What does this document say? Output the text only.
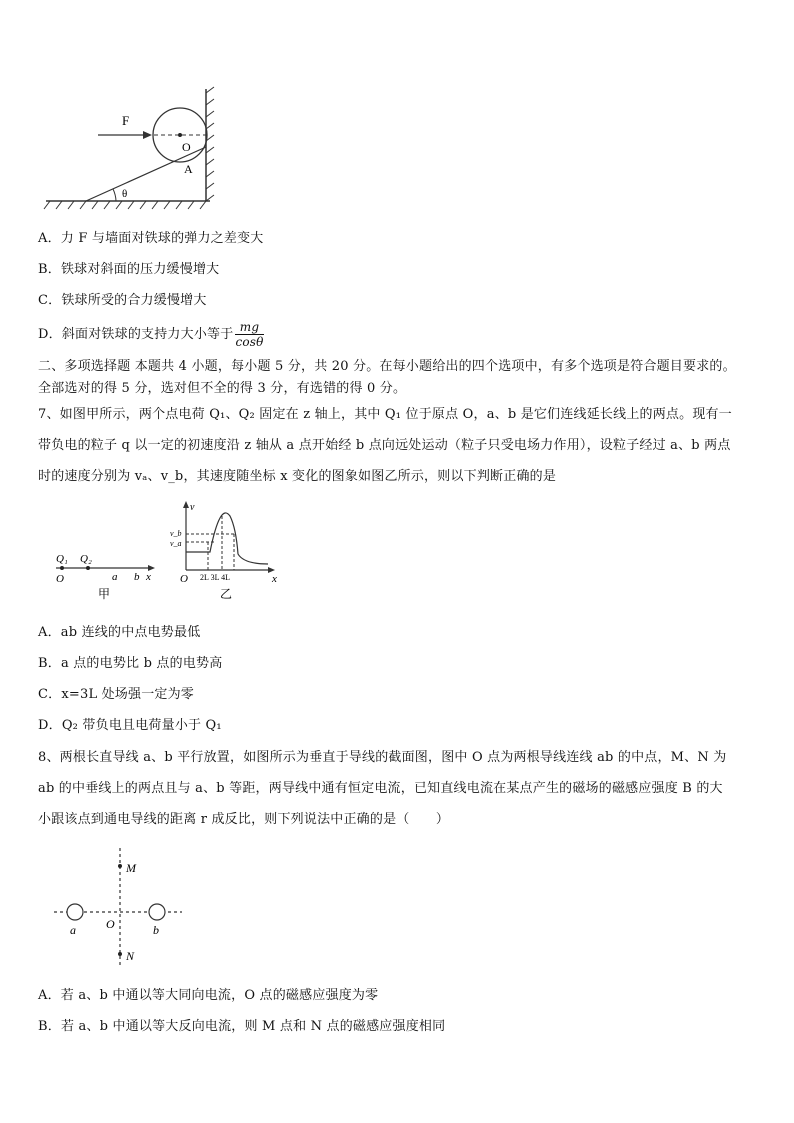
F
O
A
θ
A．力 F 与墙面对铁球的弹力之差变大
B．铁球对斜面的压力缓慢增大
C．铁球所受的合力缓慢增大
D．斜面对铁球的支持力大小等于 $\frac{mg}{\cos\theta}$
二、多项选择题 本题共 4 小题，每小题 5 分，共 20 分。在每小题给出的四个选项中，有多个选项是符合题目要求的。
全部选对的得 5 分，选对但不全的得 3 分，有选错的得 0 分。
7、如图甲所示，两个点电荷 Q₁、Q₂ 固定在 z 轴上，其中 Q₁ 位于原点 O，a、b 是它们连线延长线上的两点。现有一
带负电的粒子 q 以一定的初速度沿 z 轴从 a 点开始经 b 点向远处运动（粒子只受电场力作用），设粒子经过 a、b 两点
时的速度分别为 vₐ、v_b，其速度随坐标 x 变化的图象如图乙所示，则以下判断正确的是
Q₁ Q₂
O	a b x
甲
v
v_b
v_a
O 2L 3L 4L	x
乙
A．ab 连线的中点电势最低
B．a 点的电势比 b 点的电势高
C．x=3L 处场强一定为零
D．Q₂ 带负电且电荷量小于 Q₁
8、两根长直导线 a、b 平行放置，如图所示为垂直于导线的截面图，图中 O 点为两根导线连线 ab 的中点，M、N 为
ab 的中垂线上的两点且与 a、b 等距，两导线中通有恒定电流，已知直线电流在某点产生的磁场的磁感应强度 B 的大
小跟该点到通电导线的距离 r 成反比，则下列说法中正确的是（　　）
M
N
O
a	b
A．若 a、b 中通以等大同向电流，O 点的磁感应强度为零
B．若 a、b 中通以等大反向电流，则 M 点和 N 点的磁感应强度相同
